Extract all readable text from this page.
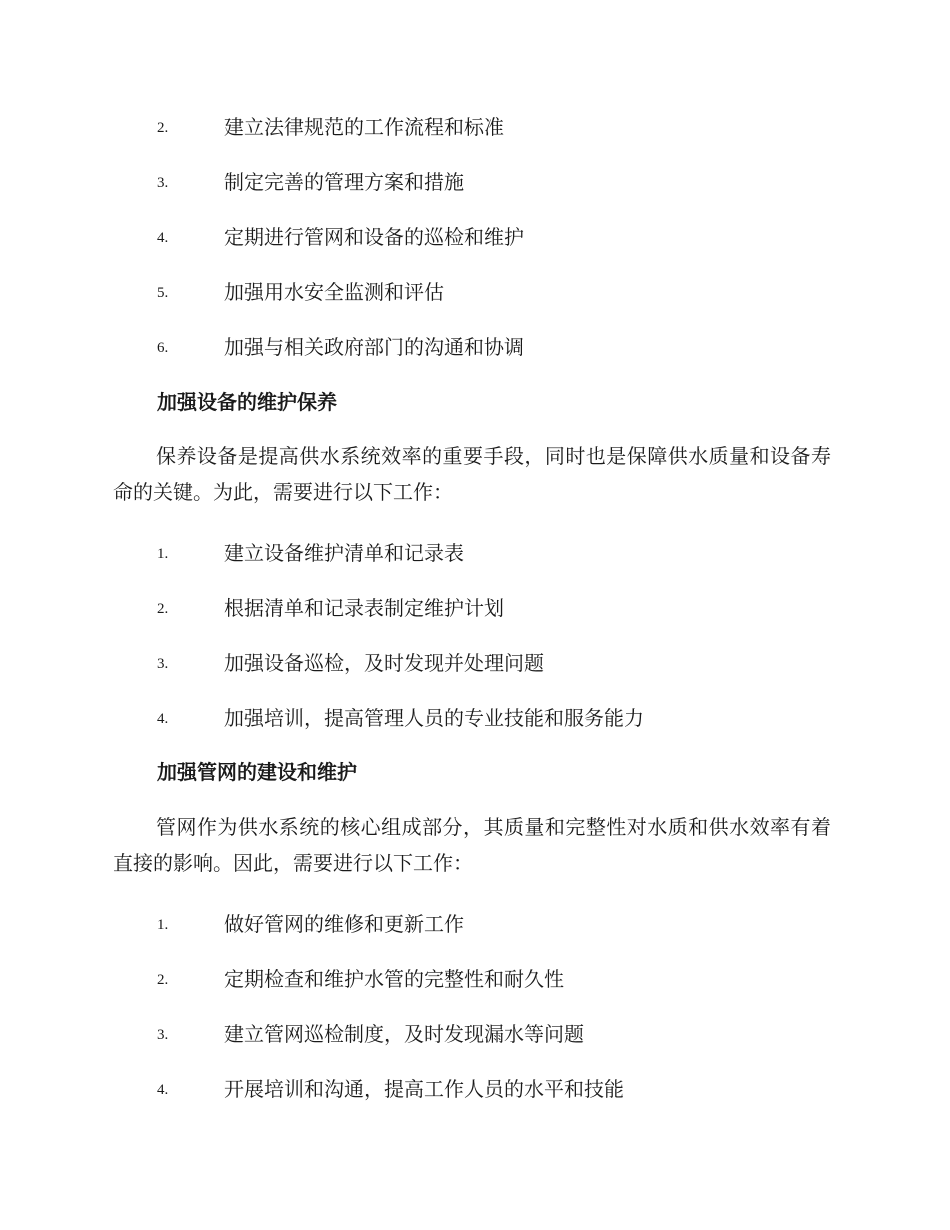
2.	建立法律规范的工作流程和标准
3.	制定完善的管理方案和措施
4.	定期进行管网和设备的巡检和维护
5.	加强用水安全监测和评估
6.	加强与相关政府部门的沟通和协调
加强设备的维护保养

保养设备是提高供水系统效率的重要手段，同时也是保障供水质量和设备寿命的关键。为此，需要进行以下工作：

1.	建立设备维护清单和记录表
2.	根据清单和记录表制定维护计划
3.	加强设备巡检，及时发现并处理问题
4.	加强培训，提高管理人员的专业技能和服务能力
加强管网的建设和维护

管网作为供水系统的核心组成部分，其质量和完整性对水质和供水效率有着直接的影响。因此，需要进行以下工作：

1.	做好管网的维修和更新工作
2.	定期检查和维护水管的完整性和耐久性
3.	建立管网巡检制度，及时发现漏水等问题
4.	开展培训和沟通，提高工作人员的水平和技能
